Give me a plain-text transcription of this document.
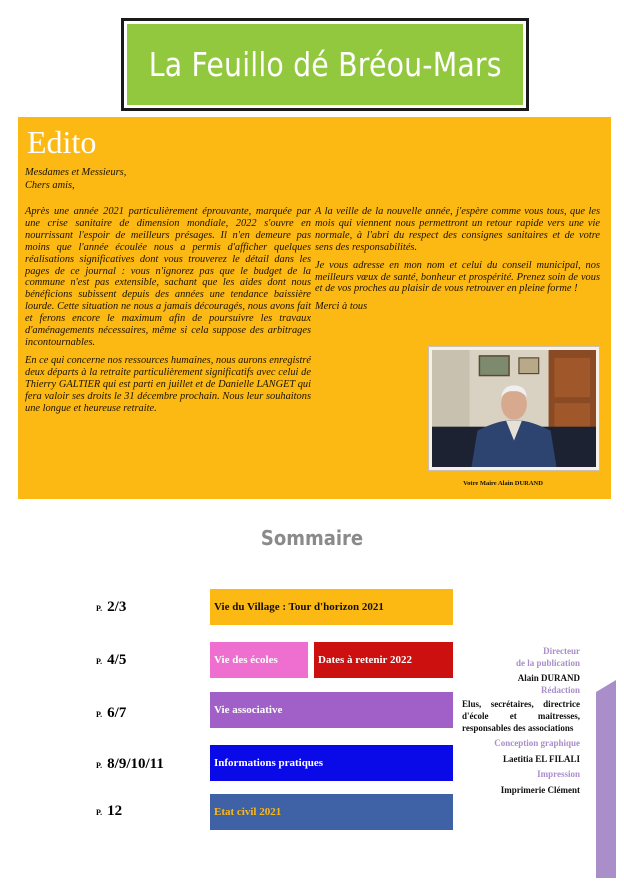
La Feuillo dé Bréou-Mars
Edito
Mesdames et Messieurs,
Chers amis,

Après une année 2021 particulièrement éprouvante, marquée par une crise sanitaire de dimension mondiale, 2022 s'ouvre en nourrissant l'espoir de meilleurs présages. Il n'en demeure pas moins que l'année écoulée nous a permis d'afficher quelques réalisations significatives dont vous trouverez le détail dans les pages de ce journal : vous n'ignorez pas que le budget de la commune n'est pas extensible, sachant que les aides dont nous bénéficions subissent depuis des années une tendance baissière lourde. Cette situation ne nous a jamais découragés, nous avons fait et ferons encore le maximum afin de poursuivre les travaux d'aménagements nécessaires, même si cela suppose des arbitrages incontournables.

En ce qui concerne nos ressources humaines, nous aurons enregistré deux départs à la retraite particulièrement significatifs avec celui de Thierry GALTIER qui est parti en juillet et de Danielle LANGET qui fera valoir ses droits le 31 décembre prochain. Nous leur souhaitons une longue et heureuse retraite.

A la veille de la nouvelle année, j'espère comme vous tous, que les mois qui viennent nous permettront un retour rapide vers une vie normale, à l'abri du respect des consignes sanitaires et de votre sens des responsabilités.

Je vous adresse en mon nom et celui du conseil municipal, nos meilleurs vœux de santé, bonheur et prospérité. Prenez soin de vous et de vos proches au plaisir de vous retrouver en pleine forme !

Merci à tous

Votre Maire Alain DURAND
Sommaire
P. 2/3	Vie du Village : Tour d'horizon 2021
P. 4/5	Vie des écoles	Dates à retenir 2022
P. 6/7	Vie associative
P. 8/9/10/11	Informations pratiques
P. 12	Etat civil 2021
Directeur
de la publication
Alain DURAND
Rédaction
Elus, secrétaires, directrice d'école et maitresses, responsables des associations
Conception graphique
Laetitia EL FILALI
Impression
Imprimerie Clément
